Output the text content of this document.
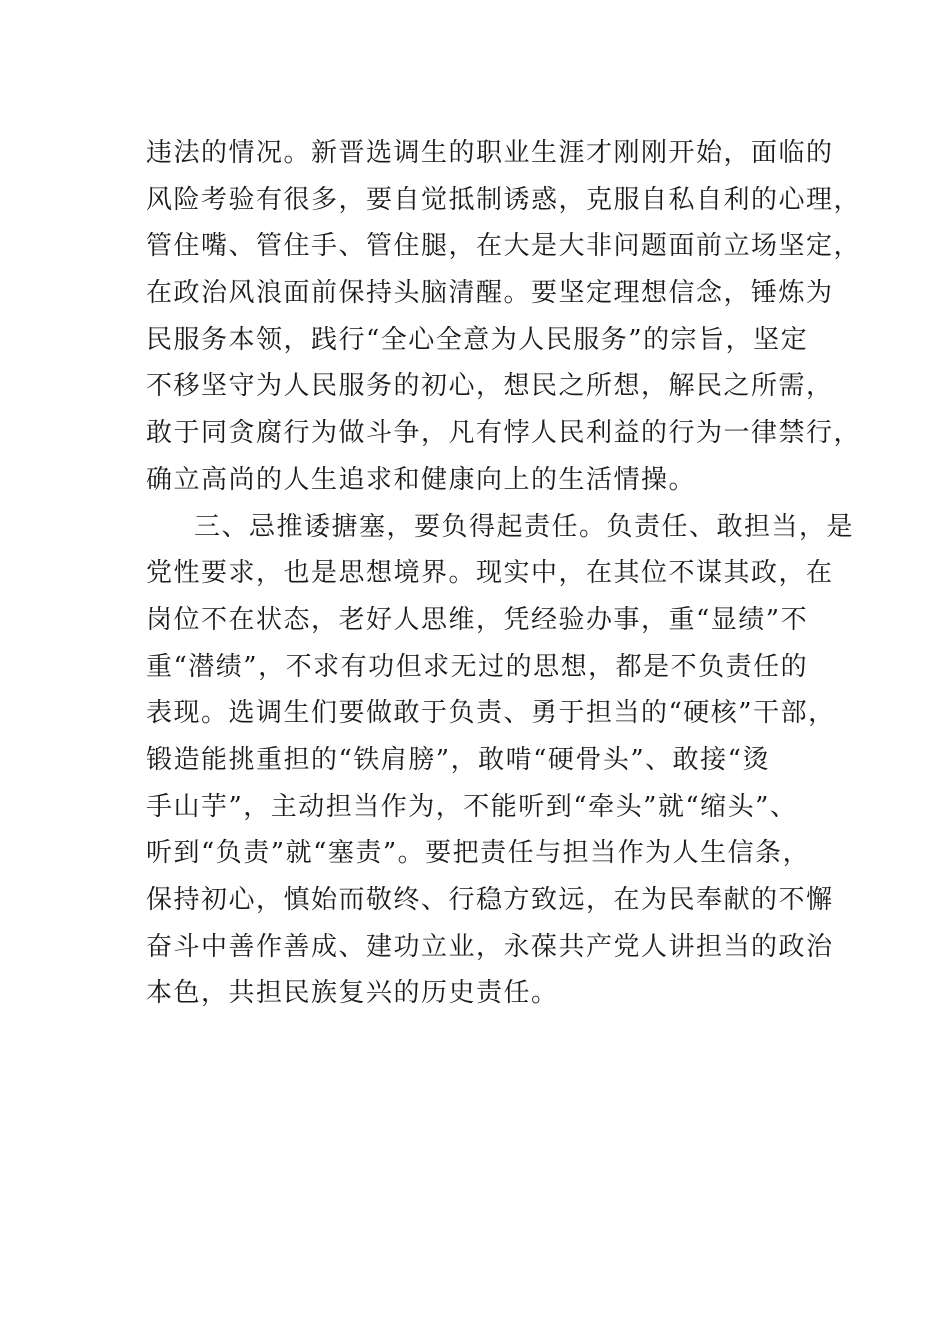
违法的情况。新晋选调生的职业生涯才刚刚开始，面临的
风险考验有很多，要自觉抵制诱惑，克服自私自利的心理，
管住嘴、管住手、管住腿，在大是大非问题面前立场坚定，
在政治风浪面前保持头脑清醒。要坚定理想信念，锤炼为
民服务本领，践行“全心全意为人民服务”的宗旨，坚定
不移坚守为人民服务的初心，想民之所想，解民之所需，
敢于同贪腐行为做斗争，凡有悖人民利益的行为一律禁行，
确立高尚的人生追求和健康向上的生活情操。
三、忌推诿搪塞，要负得起责任。负责任、敢担当，是
党性要求，也是思想境界。现实中，在其位不谋其政，在
岗位不在状态，老好人思维，凭经验办事，重“显绩”不
重“潜绩”，不求有功但求无过的思想，都是不负责任的
表现。选调生们要做敢于负责、勇于担当的“硬核”干部，
锻造能挑重担的“铁肩膀”，敢啃“硬骨头”、敢接“烫
手山芋”，主动担当作为，不能听到“牵头”就“缩头”、
听到“负责”就“塞责”。要把责任与担当作为人生信条，
保持初心，慎始而敬终、行稳方致远，在为民奉献的不懈
奋斗中善作善成、建功立业，永葆共产党人讲担当的政治
本色，共担民族复兴的历史责任。
